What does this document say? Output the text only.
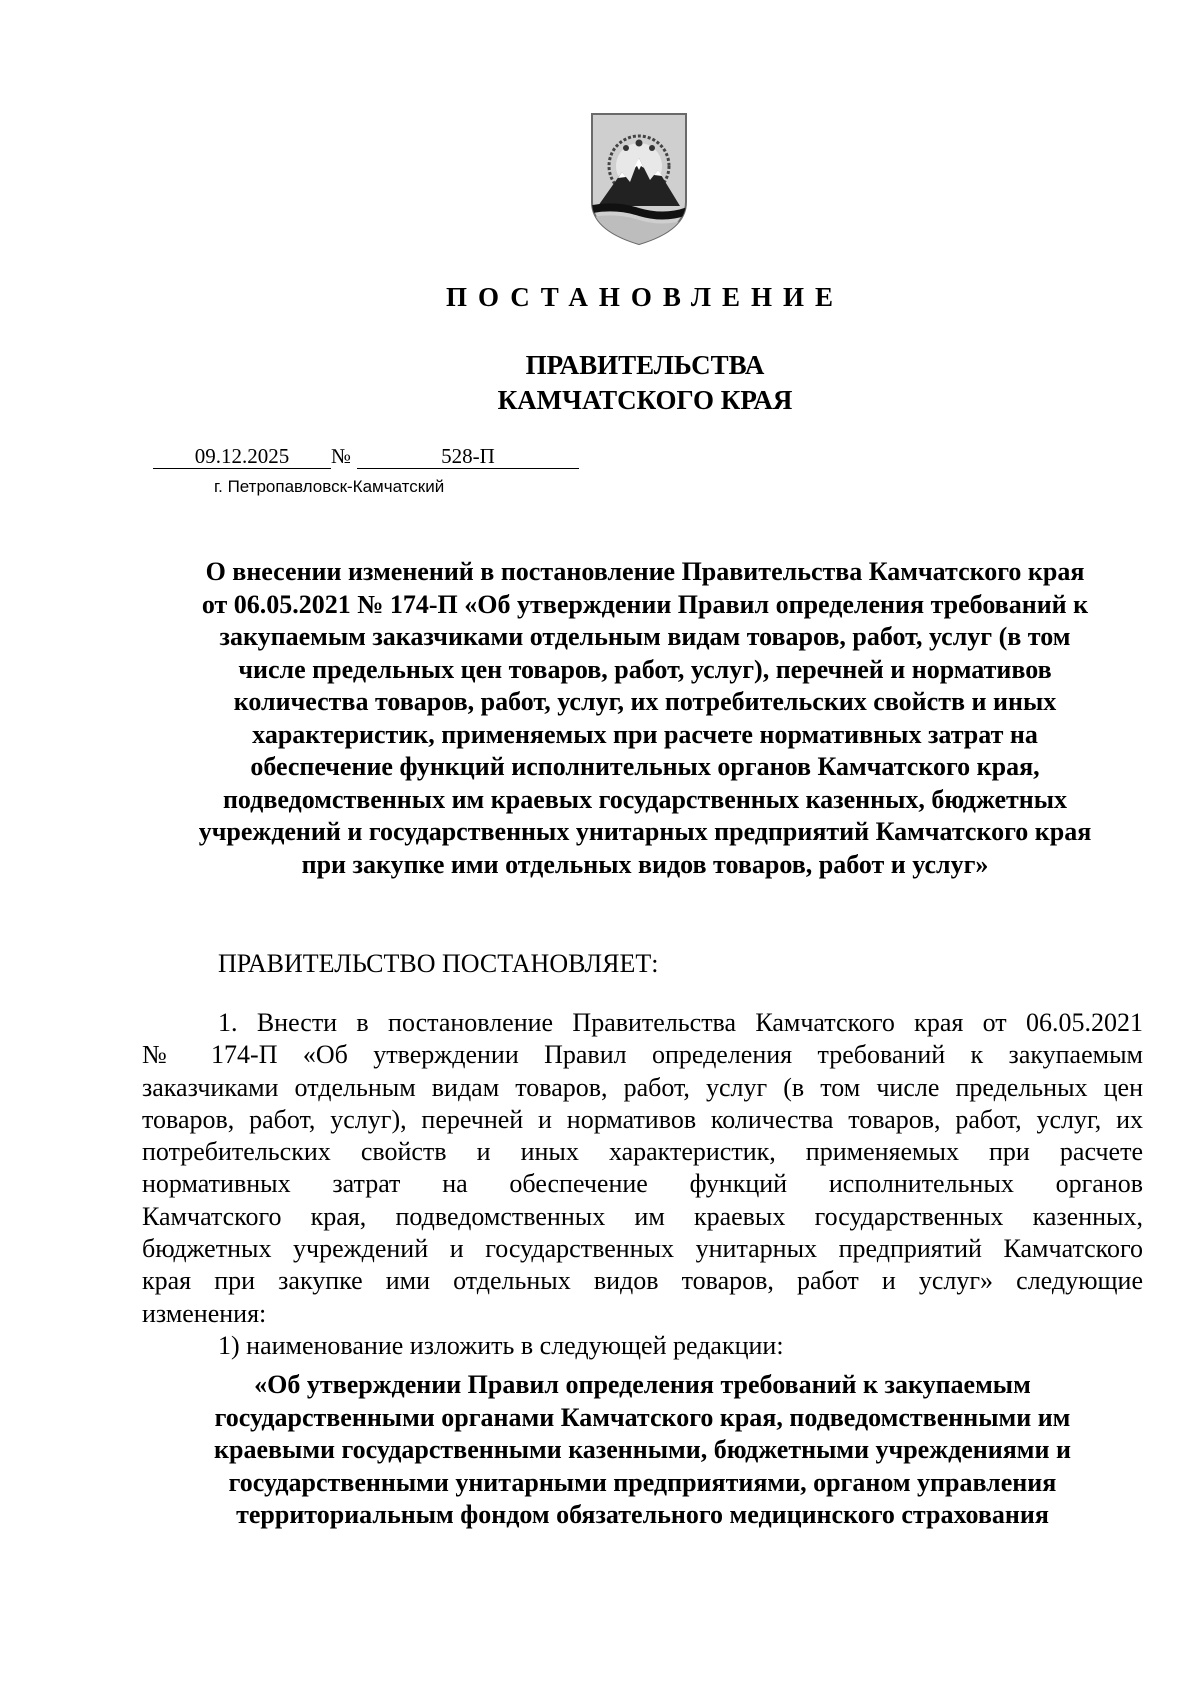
ПОСТАНОВЛЕНИЕ
ПРАВИТЕЛЬСТВА
КАМЧАТСКОГО КРАЯ
09.12.2025	№	528-П
г. Петропавловск-Камчатский
О внесении изменений в постановление Правительства Камчатского края
от 06.05.2021 № 174-П «Об утверждении Правил определения требований к
закупаемым заказчиками отдельным видам товаров, работ, услуг (в том
числе предельных цен товаров, работ, услуг), перечней и нормативов
количества товаров, работ, услуг, их потребительских свойств и иных
характеристик, применяемых при расчете нормативных затрат на
обеспечение функций исполнительных органов Камчатского края,
подведомственных им краевых государственных казенных, бюджетных
учреждений и государственных унитарных предприятий Камчатского края
при закупке ими отдельных видов товаров, работ и услуг»
ПРАВИТЕЛЬСТВО ПОСТАНОВЛЯЕТ:
1. Внести в постановление Правительства Камчатского края от 06.05.2021
№ 174-П «Об утверждении Правил определения требований к закупаемым
заказчиками отдельным видам товаров, работ, услуг (в том числе предельных цен
товаров, работ, услуг), перечней и нормативов количества товаров, работ, услуг, их
потребительских свойств и иных характеристик, применяемых при расчете
нормативных затрат на обеспечение функций исполнительных органов
Камчатского края, подведомственных им краевых государственных казенных,
бюджетных учреждений и государственных унитарных предприятий Камчатского
края при закупке ими отдельных видов товаров, работ и услуг» следующие
изменения:
1) наименование изложить в следующей редакции:
«Об утверждении Правил определения требований к закупаемым
государственными органами Камчатского края, подведомственными им
краевыми государственными казенными, бюджетными учреждениями и
государственными унитарными предприятиями, органом управления
территориальным фондом обязательного медицинского страхования
